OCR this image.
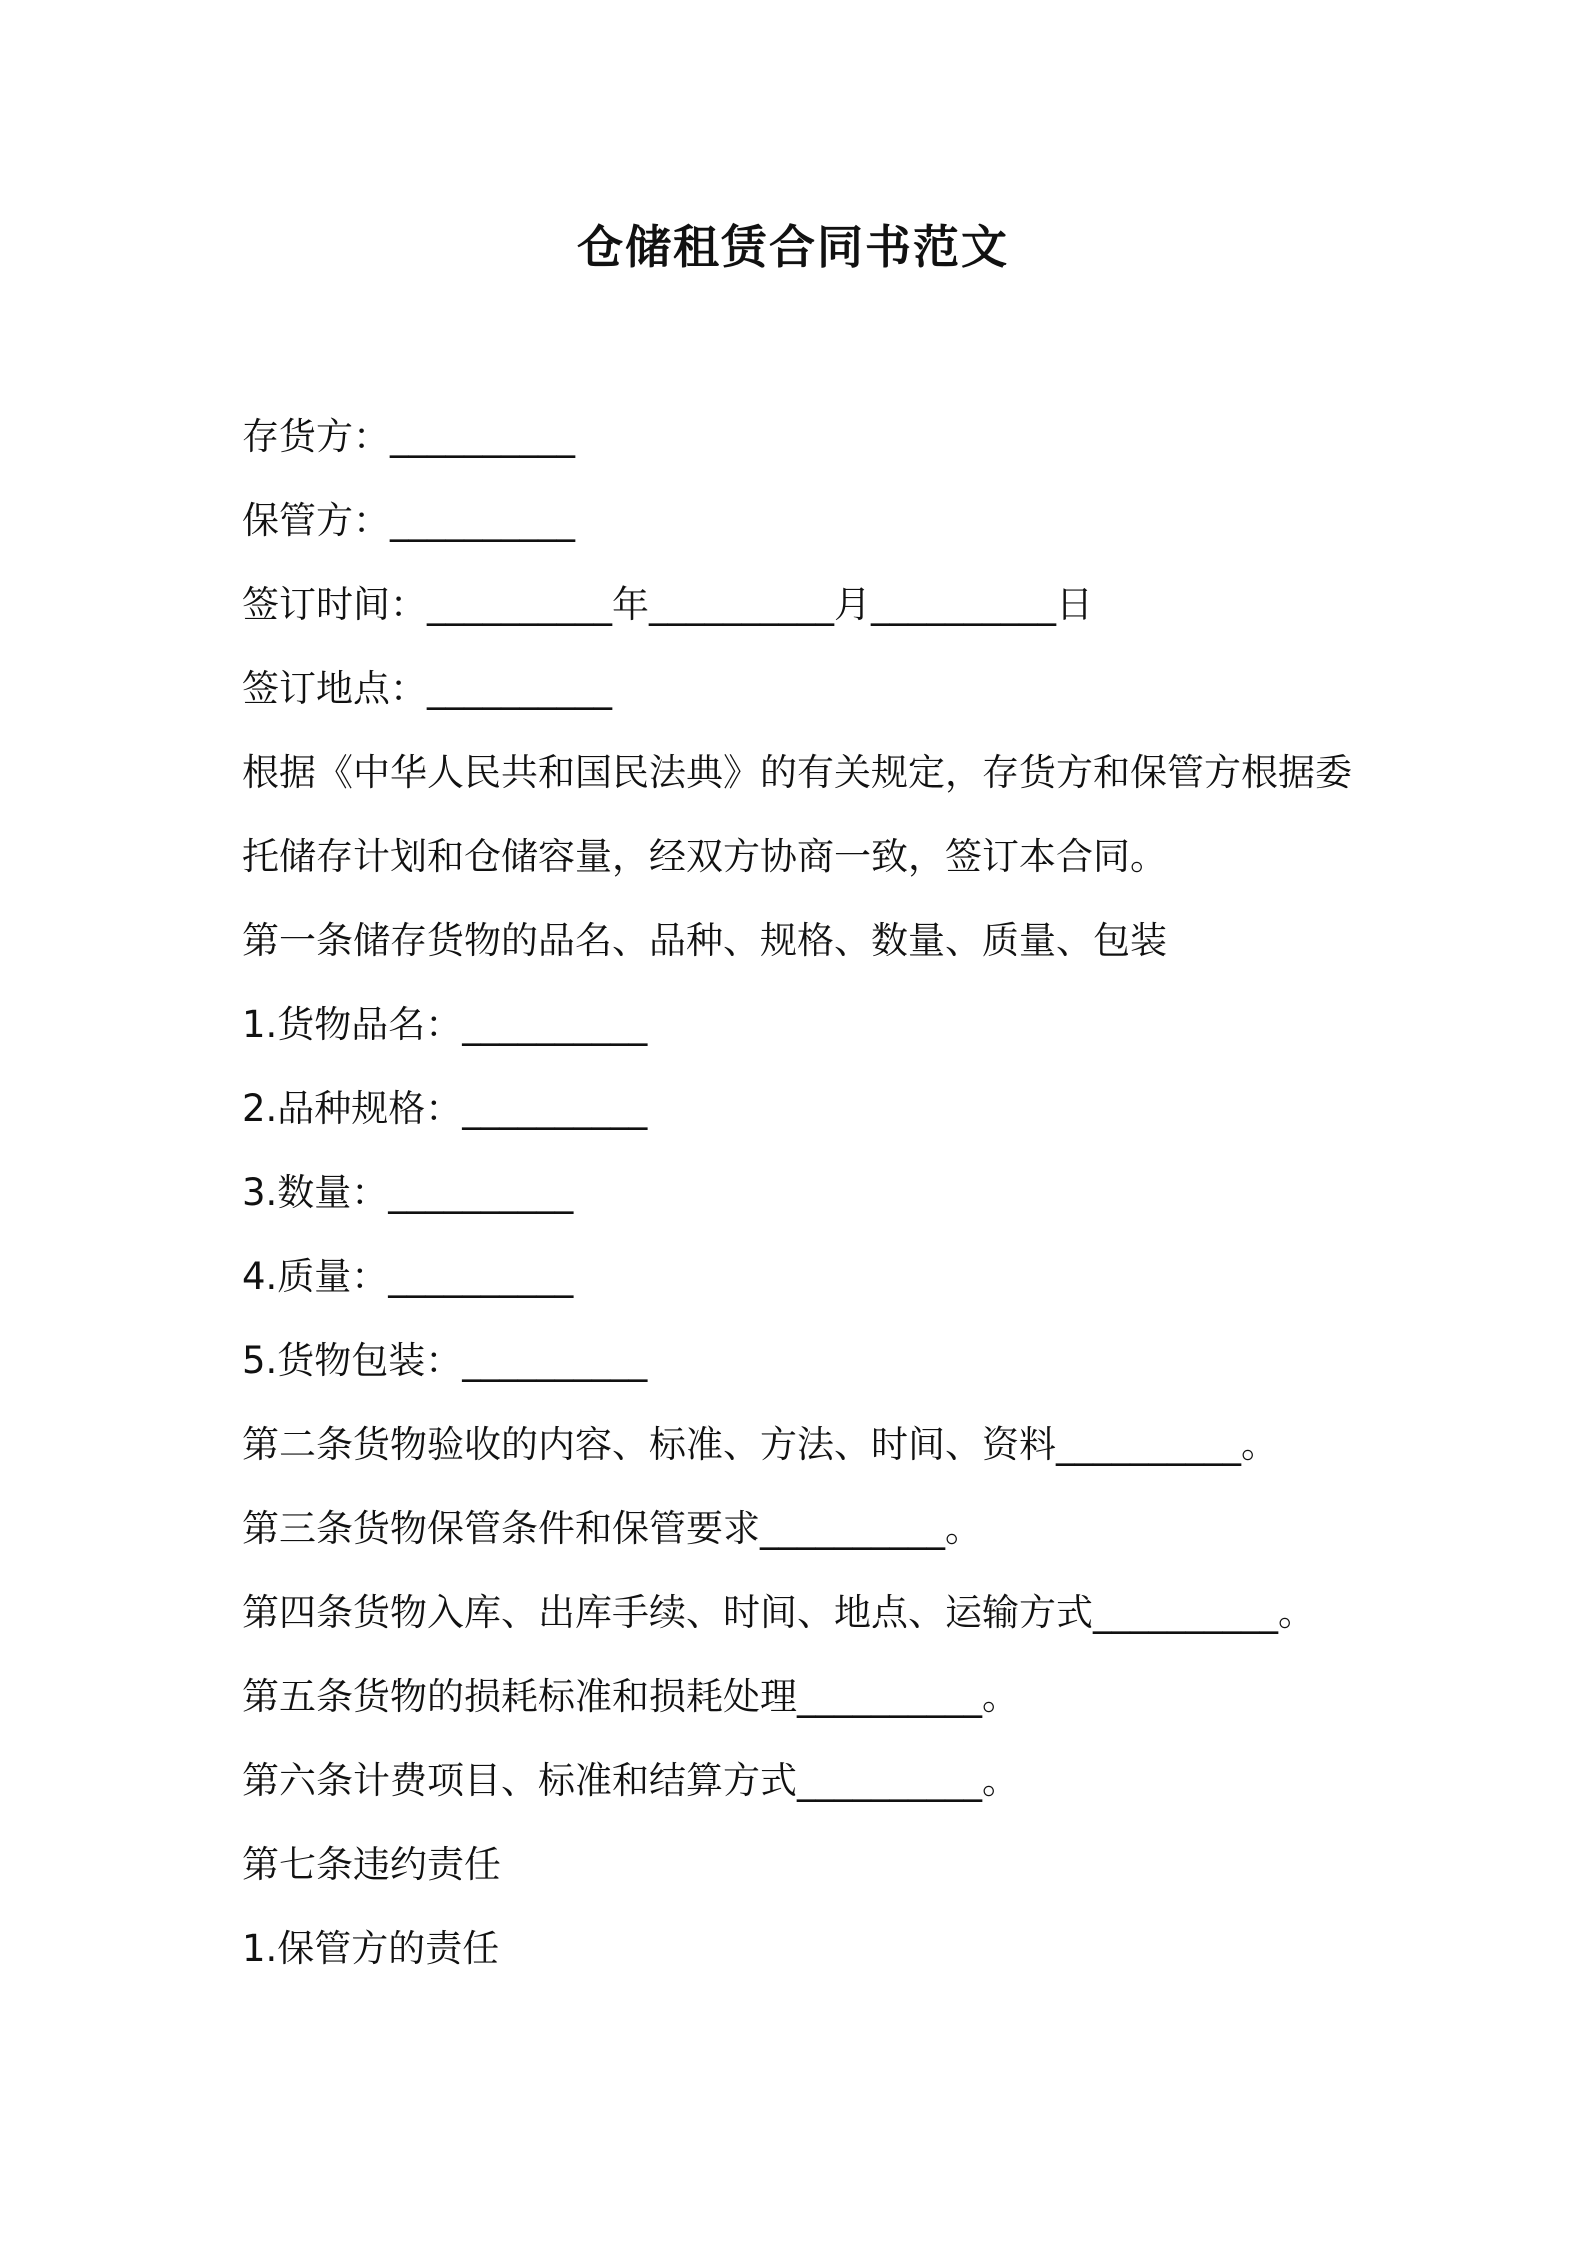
仓储租赁合同书范文

存货方：__________

保管方：__________

签订时间：__________年__________月__________日

签订地点：__________

根据《中华人民共和国民法典》的有关规定，存货方和保管方根据委

托储存计划和仓储容量，经双方协商一致，签订本合同。

第一条储存货物的品名、品种、规格、数量、质量、包装

1.货物品名：__________

2.品种规格：__________

3.数量：__________

4.质量：__________

5.货物包装：__________

第二条货物验收的内容、标准、方法、时间、资料__________。

第三条货物保管条件和保管要求__________。

第四条货物入库、出库手续、时间、地点、运输方式__________。

第五条货物的损耗标准和损耗处理__________。

第六条计费项目、标准和结算方式__________。

第七条违约责任

1.保管方的责任
